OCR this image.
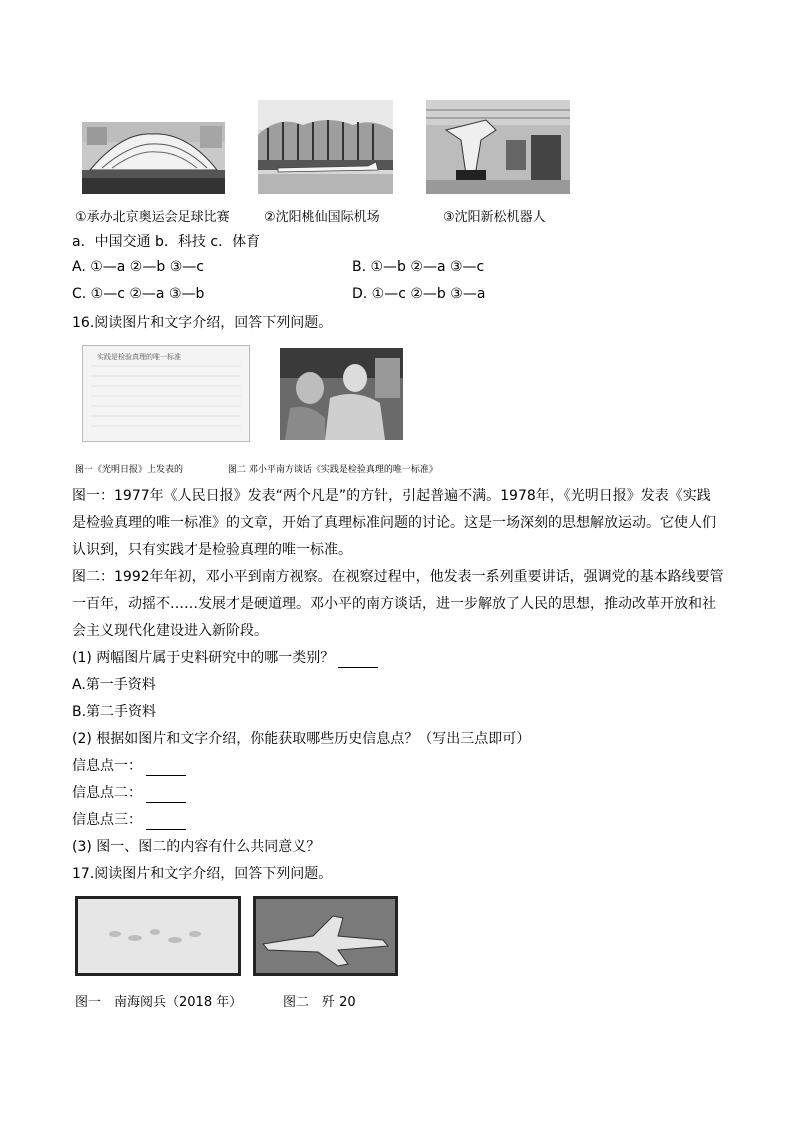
①承办北京奥运会足球比赛	②沈阳桃仙国际机场	③沈阳新松机器人
a．中国交通 b．科技 c．体育
A. ①—a ②—b ③—c	B. ①—b ②—a ③—c
C. ①—c ②—a ③—b	D. ①—c ②—b ③—a
16.阅读图片和文字介绍，回答下列问题。
实践是检验真理的唯一标准
图一《光明日报》上发表的	图二 邓小平南方谈话《实践是检验真理的唯一标准》
图一：1977年《人民日报》发表“两个凡是”的方针，引起普遍不满。1978年，《光明日报》发表《实践
是检验真理的唯一标准》的文章，开始了真理标准问题的讨论。这是一场深刻的思想解放运动。它使人们
认识到，只有实践才是检验真理的唯一标准。
图二：1992年年初，邓小平到南方视察。在视察过程中，他发表一系列重要讲话，强调党的基本路线要管
一百年，动摇不……发展才是硬道理。邓小平的南方谈话，进一步解放了人民的思想，推动改革开放和社
会主义现代化建设进入新阶段。
(1) 两幅图片属于史料研究中的哪一类别？
A.第一手资料
B.第二手资料
(2) 根据如图片和文字介绍，你能获取哪些历史信息点？（写出三点即可）
信息点一：
信息点二：
信息点三：
(3) 图一、图二的内容有什么共同意义？
17.阅读图片和文字介绍，回答下列问题。
图一　南海阅兵（2018 年）	图二　歼 20
